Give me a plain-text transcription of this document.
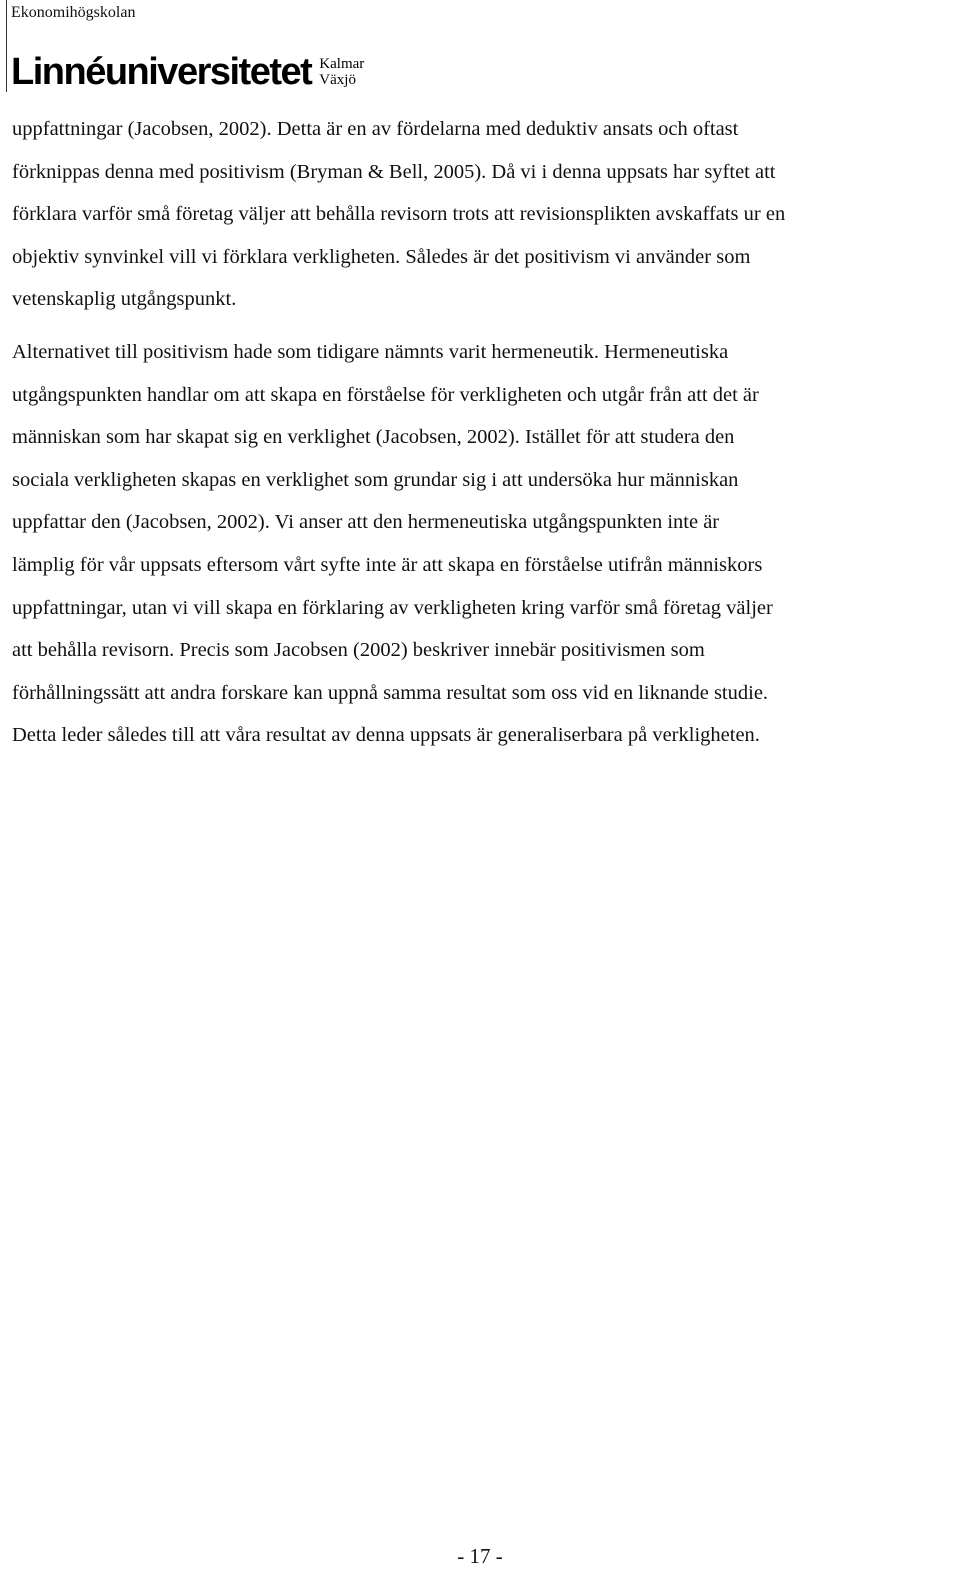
Ekonomihögskolan
Linnéuniversitetet Kalmar
Växjö

uppfattningar (Jacobsen, 2002). Detta är en av fördelarna med deduktiv ansats och oftast
förknippas denna med positivism (Bryman & Bell, 2005). Då vi i denna uppsats har syftet att
förklara varför små företag väljer att behålla revisorn trots att revisionsplikten avskaffats ur en
objektiv synvinkel vill vi förklara verkligheten. Således är det positivism vi använder som
vetenskaplig utgångspunkt.

Alternativet till positivism hade som tidigare nämnts varit hermeneutik. Hermeneutiska
utgångspunkten handlar om att skapa en förståelse för verkligheten och utgår från att det är
människan som har skapat sig en verklighet (Jacobsen, 2002). Istället för att studera den
sociala verkligheten skapas en verklighet som grundar sig i att undersöka hur människan
uppfattar den (Jacobsen, 2002). Vi anser att den hermeneutiska utgångspunkten inte är
lämplig för vår uppsats eftersom vårt syfte inte är att skapa en förståelse utifrån människors
uppfattningar, utan vi vill skapa en förklaring av verkligheten kring varför små företag väljer
att behålla revisorn. Precis som Jacobsen (2002) beskriver innebär positivismen som
förhållningssätt att andra forskare kan uppnå samma resultat som oss vid en liknande studie.
Detta leder således till att våra resultat av denna uppsats är generaliserbara på verkligheten.

- 17 -
